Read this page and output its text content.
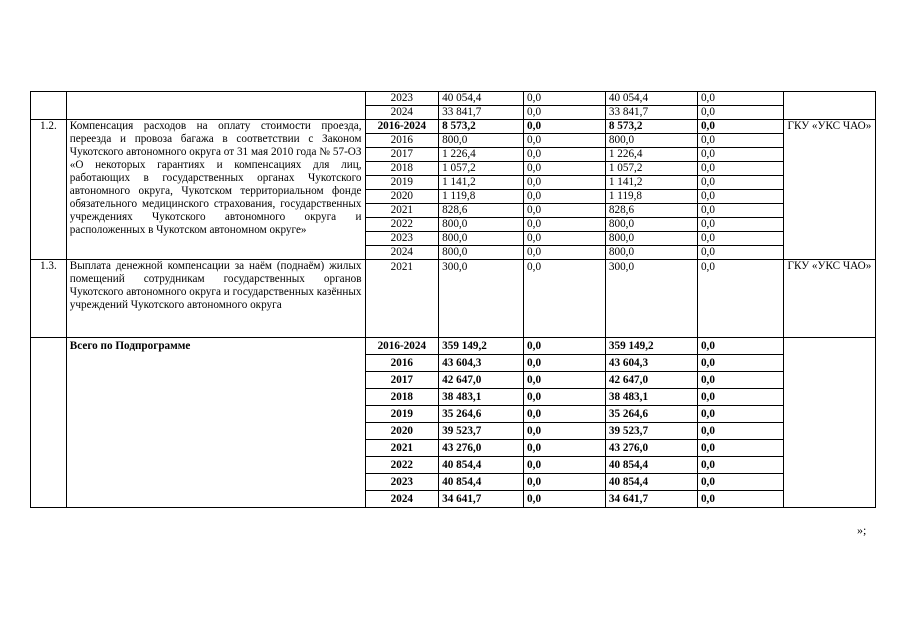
		2023	40 054,4	0,0	40 054,4	0,0	
		2024	33 841,7	0,0	33 841,7	0,0	
1.2.	Компенсация расходов на оплату стоимости проезда, переезда и провоза багажа в соответствии с Законом Чукотского автономного округа от 31 мая 2010 года № 57-ОЗ «О некоторых гарантиях и компенсациях для лиц, работающих в государственных органах Чукотского автономного округа, Чукотском территориальном фонде обязательного медицинского страхования, государственных учреждениях Чукотского автономного округа и расположенных в Чукотском автономном округе»	2016-2024	8 573,2	0,0	8 573,2	0,0	ГКУ «УКС ЧАО»
		2016	800,0	0,0	800,0	0,0	
		2017	1 226,4	0,0	1 226,4	0,0	
		2018	1 057,2	0,0	1 057,2	0,0	
		2019	1 141,2	0,0	1 141,2	0,0	
		2020	1 119,8	0,0	1 119,8	0,0	
		2021	828,6	0,0	828,6	0,0	
		2022	800,0	0,0	800,0	0,0	
		2023	800,0	0,0	800,0	0,0	
		2024	800,0	0,0	800,0	0,0	
1.3.	Выплата денежной компенсации за наём (поднаём) жилых помещений сотрудникам государственных органов Чукотского автономного округа и государственных казённых учреждений Чукотского автономного округа	2021	300,0	0,0	300,0	0,0	ГКУ «УКС ЧАО»
	Всего по Подпрограмме	2016-2024	359 149,2	0,0	359 149,2	0,0	
		2016	43 604,3	0,0	43 604,3	0,0	
		2017	42 647,0	0,0	42 647,0	0,0	
		2018	38 483,1	0,0	38 483,1	0,0	
		2019	35 264,6	0,0	35 264,6	0,0	
		2020	39 523,7	0,0	39 523,7	0,0	
		2021	43 276,0	0,0	43 276,0	0,0	
		2022	40 854,4	0,0	40 854,4	0,0	
		2023	40 854,4	0,0	40 854,4	0,0	
		2024	34 641,7	0,0	34 641,7	0,0	
»;
